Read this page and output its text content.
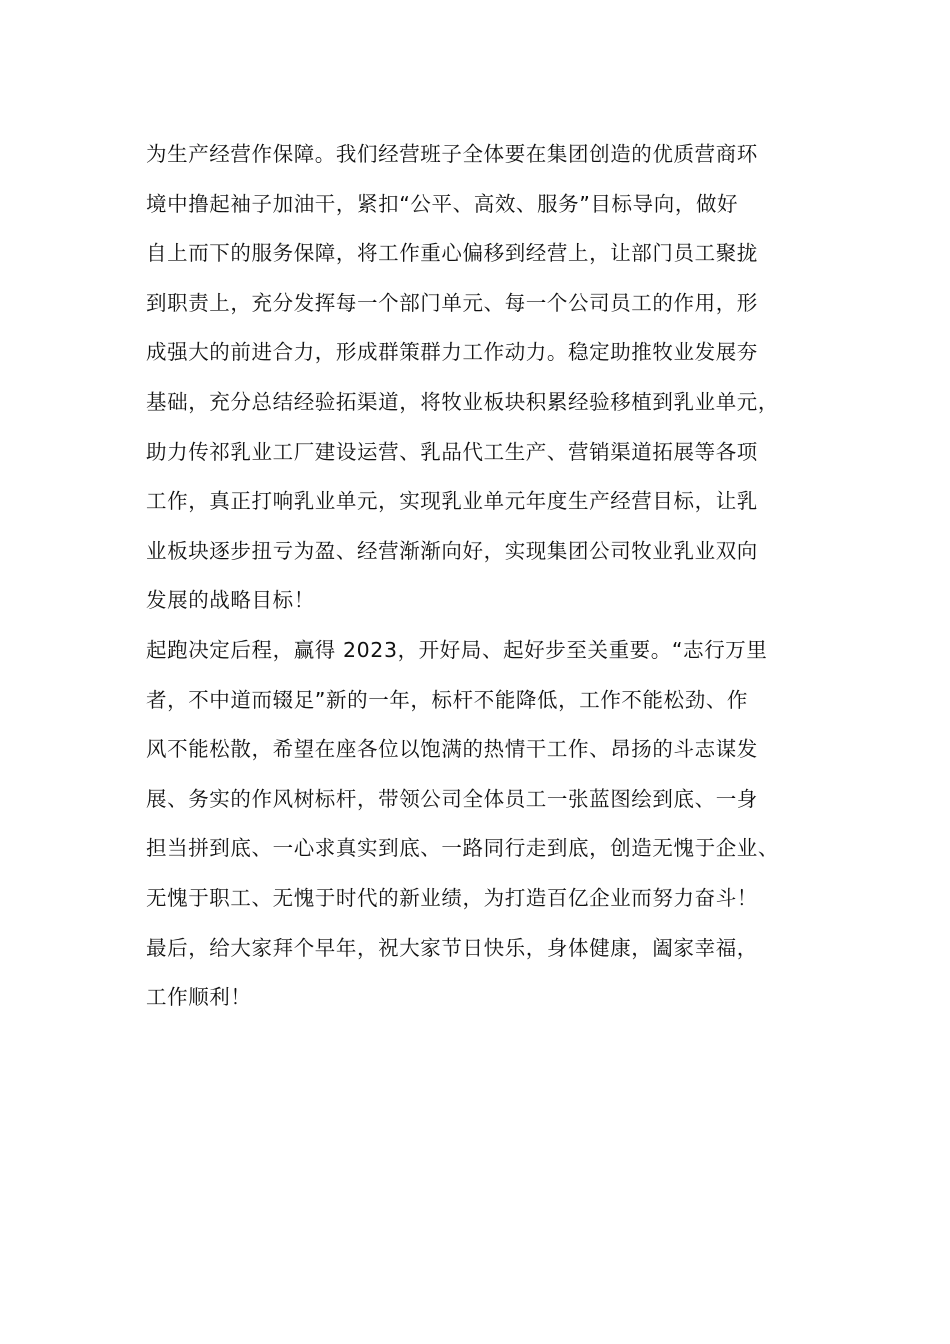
为生产经营作保障。我们经营班子全体要在集团创造的优质营商环
境中撸起袖子加油干，紧扣“公平、高效、服务”目标导向，做好
自上而下的服务保障，将工作重心偏移到经营上，让部门员工聚拢
到职责上，充分发挥每一个部门单元、每一个公司员工的作用，形
成强大的前进合力，形成群策群力工作动力。稳定助推牧业发展夯
基础，充分总结经验拓渠道，将牧业板块积累经验移植到乳业单元，
助力传祁乳业工厂建设运营、乳品代工生产、营销渠道拓展等各项
工作，真正打响乳业单元，实现乳业单元年度生产经营目标，让乳
业板块逐步扭亏为盈、经营渐渐向好，实现集团公司牧业乳业双向
发展的战略目标！
起跑决定后程，赢得 2023，开好局、起好步至关重要。“志行万里
者，不中道而辍足”新的一年，标杆不能降低，工作不能松劲、作
风不能松散，希望在座各位以饱满的热情干工作、昂扬的斗志谋发
展、务实的作风树标杆，带领公司全体员工一张蓝图绘到底、一身
担当拼到底、一心求真实到底、一路同行走到底，创造无愧于企业、
无愧于职工、无愧于时代的新业绩，为打造百亿企业而努力奋斗！
最后，给大家拜个早年，祝大家节日快乐，身体健康，阖家幸福，
工作顺利！
